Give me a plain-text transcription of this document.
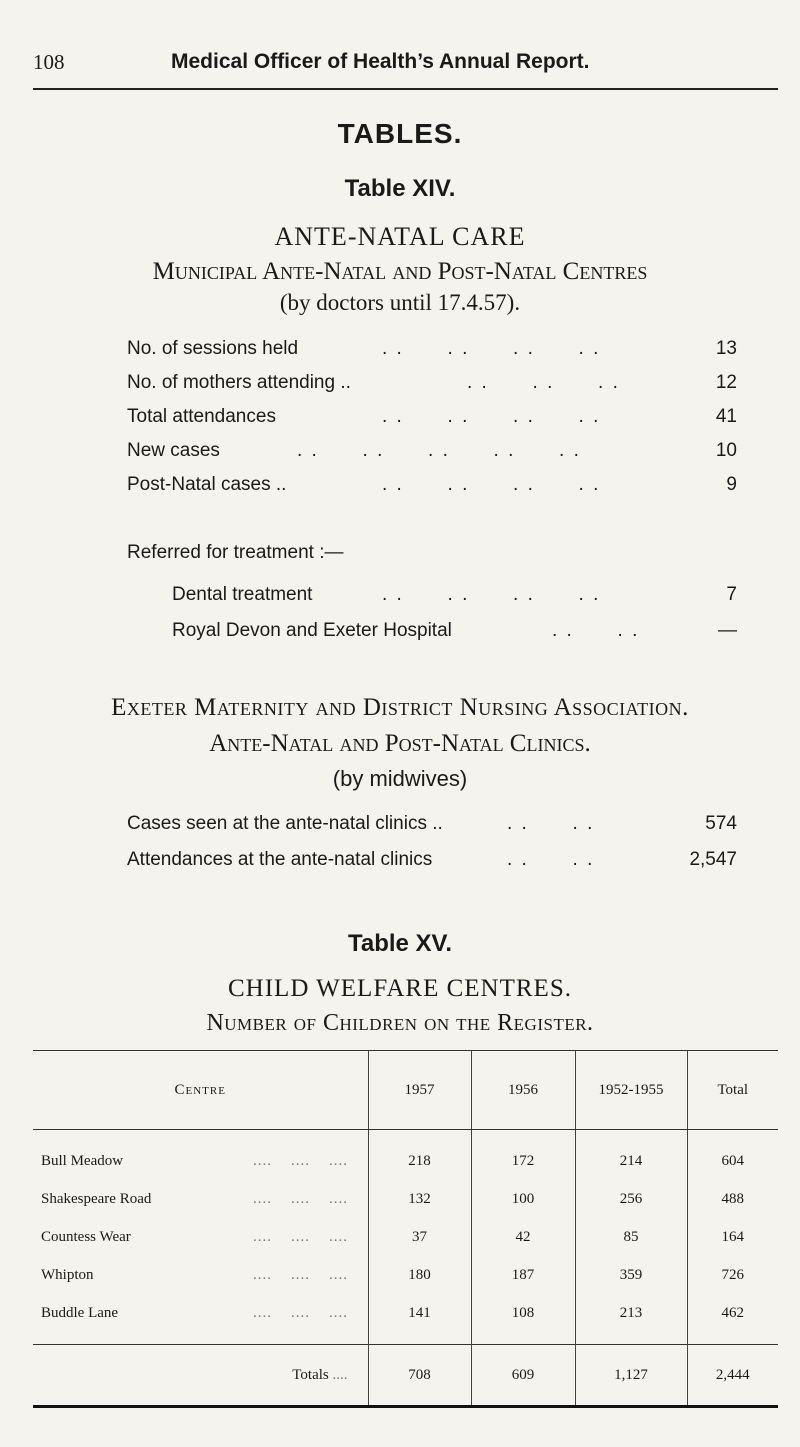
108	Medical Officer of Health’s Annual Report.
TABLES.
Table XIV.
ANTE-NATAL CARE
Municipal Ante-Natal and Post-Natal Centres
(by doctors until 17.4.57).
No. of sessions held	. .      . .      . .      . .	13
No. of mothers attending ..	. .      . .      . .	12
Total attendances	. .      . .      . .      . .	41
New cases	. .      . .      . .      . .      . .	10
Post-Natal cases ..	. .      . .      . .      . .	9
Referred for treatment :—
Dental treatment	. .      . .      . .      . .	7
Royal Devon and Exeter Hospital	. .      . .	—
Exeter Maternity and District Nursing Association.
Ante-Natal and Post-Natal Clinics.
(by midwives)
Cases seen at the ante-natal clinics ..	. .      . .	574
Attendances at the ante-natal clinics	. .      . .	2,547
Table XV.
CHILD WELFARE CENTRES.
Number of Children on the Register.
Centre	1957	1956	1952-1955	Total

Bull Meadow ....    ....    ....	218	172	214	604
Shakespeare Road ....    ....    ....	132	100	256	488
Countess Wear ....    ....    ....	37	42	85	164
Whipton ....    ....    ....	180	187	359	726
Buddle Lane ....    ....    ....	141	108	213	462

Totals ....	708	609	1,127	2,444
